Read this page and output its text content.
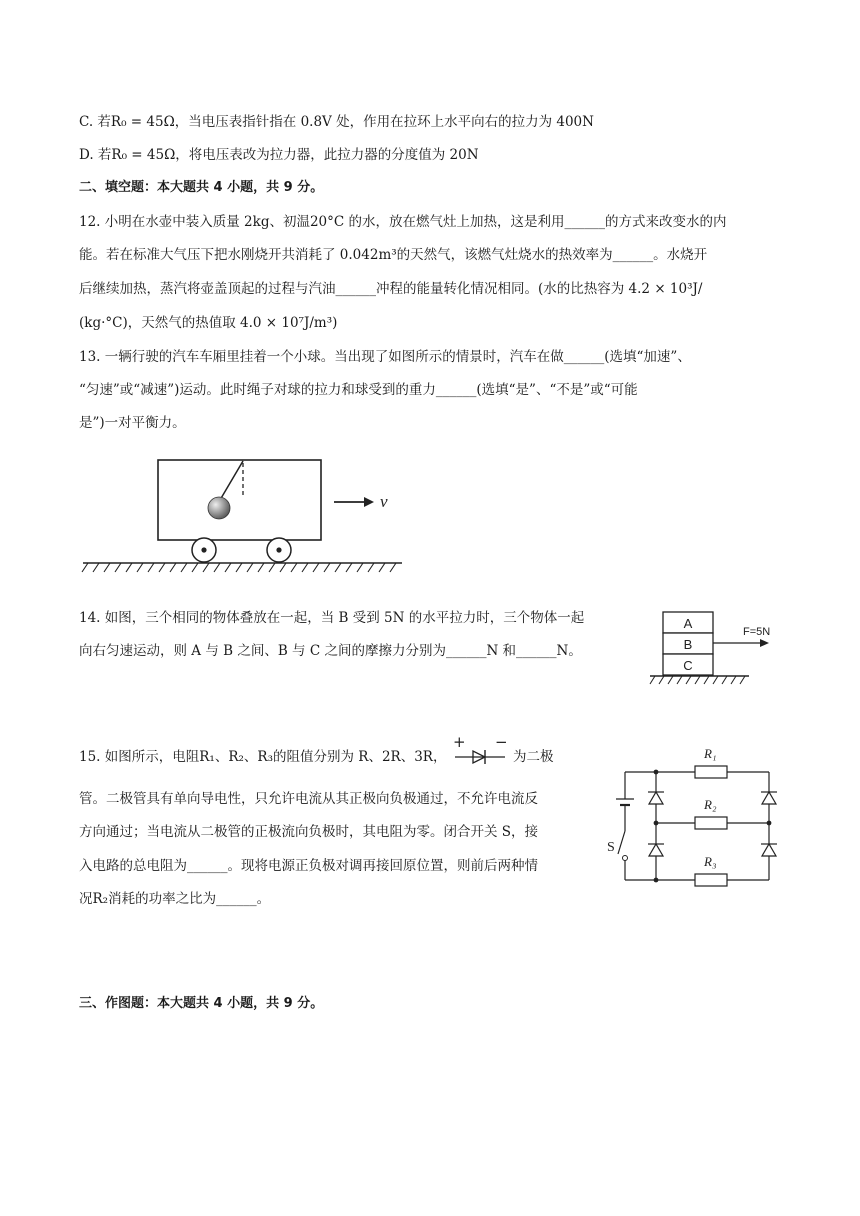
C. 若R₀ = 45Ω，当电压表指针指在 0.8V 处，作用在拉环上水平向右的拉力为 400N
D. 若R₀ = 45Ω，将电压表改为拉力器，此拉力器的分度值为 20N
二、填空题：本大题共 4 小题，共 9 分。
12. 小明在水壶中装入质量 2kg、初温20°C 的水，放在燃气灶上加热，这是利用______的方式来改变水的内
能。若在标准大气压下把水刚烧开共消耗了 0.042m³的天然气，该燃气灶烧水的热效率为______。水烧开
后继续加热，蒸汽将壶盖顶起的过程与汽油______冲程的能量转化情况相同。(水的比热容为 4.2 × 10³J/
(kg·°C)，天然气的热值取 4.0 × 10⁷J/m³)
13. 一辆行驶的汽车车厢里挂着一个小球。当出现了如图所示的情景时，汽车在做______(选填“加速”、
“匀速”或“减速”)运动。此时绳子对球的拉力和球受到的重力______(选填“是”、“不是”或“可能
是”)一对平衡力。
v
14. 如图，三个相同的物体叠放在一起，当 B 受到 5N 的水平拉力时，三个物体一起
向右匀速运动，则 A 与 B 之间、B 与 C 之间的摩擦力分别为______N 和______N。
A
B
C
F=5N
15. 如图所示，电阻R₁、R₂、R₃的阻值分别为 R、2R、3R，
+ −
为二极
管。二极管具有单向导电性，只允许电流从其正极向负极通过，不允许电流反
方向通过；当电流从二极管的正极流向负极时，其电阻为零。闭合开关 S，接
入电路的总电阻为______。现将电源正负极对调再接回原位置，则前后两种情
况R₂消耗的功率之比为______。
S
R₁
R₂
R₃
三、作图题：本大题共 4 小题，共 9 分。
